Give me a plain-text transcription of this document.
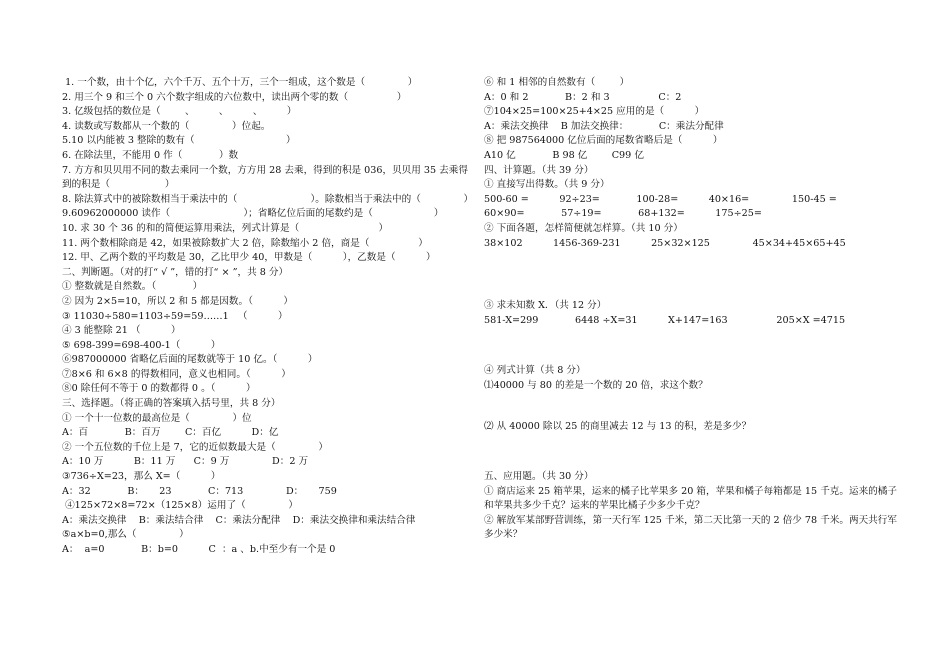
1. 一个数，由十个亿，六个千万、五个十万，三个一组成，这个数是（              ）

2. 用三个 9 和三个 0 六个数字组成的六位数中，读出两个零的数（                ）

3. 亿级包括的数位是（        、        、        、        ）

4. 读数或写数都从一个数的（              ）位起。

5.10 以内能被 3 整除的数有（                              ）

6. 在除法里，不能用 0 作（            ）数

7. 方方和贝贝用不同的数去乘同一个数，方方用 28 去乘，得到的积是 036，贝贝用 35 去乘得到的积是（                  ）

8. 除法算式中的被除数相当于乘法中的（                        ）。除数相当于乘法中的（              ）

9.60962000000 读作（                        ）；省略亿位后面的尾数约是（                    ）

10. 求 30 个 36 的和的简便运算用乘法，列式计算是（                          ）

11. 两个数相除商是 42，如果被除数扩大 2 倍，除数缩小 2 倍，商是（                ）

12. 甲、乙两个数的平均数是 30，乙比甲少 40，甲数是（          ），乙数是（          ）

二、判断题。（对的打“ √ ”，错的打“ × ”，共 8 分）

① 整数就是自然数。（            ）

② 因为 2×5=10，所以 2 和 5 都是因数。（          ）

③ 11030÷580=1103÷59=59……1   （          ）

④ 3 能整除 21 （          ）

⑤ 698-399=698-400-1（          ）

⑥987000000 省略亿后面的尾数就等于 10 亿。（          ）

⑦8×6 和 6×8 的得数相同，意义也相同。（          ）

⑧0 除任何不等于 0 的数都得 0 。（          ）

三、选择题。（将正确的答案填入括号里，共 8 分）

① 一个十一位数的最高位是（              ）位

A：百            B：百万        C：百亿          D：亿

② 一个五位数的千位上是 7，它的近似数最大是（              ）

A：10 万          B：11 万      C：9 万              D：2 万

③736÷X=23，那么 X=（          ）

A：32            B：     23            C：713              D：     759

④125×72×8=72×（125×8）运用了（              ）

A：乘法交换律    B：乘法结合律    C：乘法分配律    D：乘法交换律和乘法结合律

⑤a×b=0,那么（              ）

A：  a=0            B：b=0          C  ：a 、b.中至少有一个是 0

⑥ 和 1 相邻的自然数有（        ）

A：0 和 2            B：2 和 3                C：2

⑦104×25=100×25+4×25 应用的是（          ）

A：乘法交换律    B 加法交换律：          C：乘法分配律

⑧ 把 987564000 亿位后面的尾数省略后是（          ）

A10 亿            B 98 亿        C99 亿

四、计算题。（共 39 分）

① 直接写出得数。（共 9 分）

500-60 =          92÷23=            100-28=          40×16=              150-45 =

60×90=            57÷19=            68+132=          175÷25=

② 下面各题，怎样简便就怎样算。（共 10 分）

38×102          1456-369-231          25×32×125              45×34+45×65+45

③ 求未知数 X．（共 12 分）

581-X=299            6448 ÷X=31          X+147=163                205×X =4715

④ 列式计算（共 8 分）

⑴40000 与 80 的差是一个数的 20 倍，求这个数？

⑵ 从 40000 除以 25 的商里减去 12 与 13 的积，差是多少？

五、应用题。（共 30 分）

① 商店运来 25 箱苹果，运来的橘子比苹果多 20 箱，苹果和橘子每箱都是 15 千克。运来的橘子和苹果共多少千克？运来的苹果比橘子少多少千克？

② 解放军某部野营训练，第一天行军 125 千米，第二天比第一天的 2 倍少 78 千米。两天共行军多少米？
